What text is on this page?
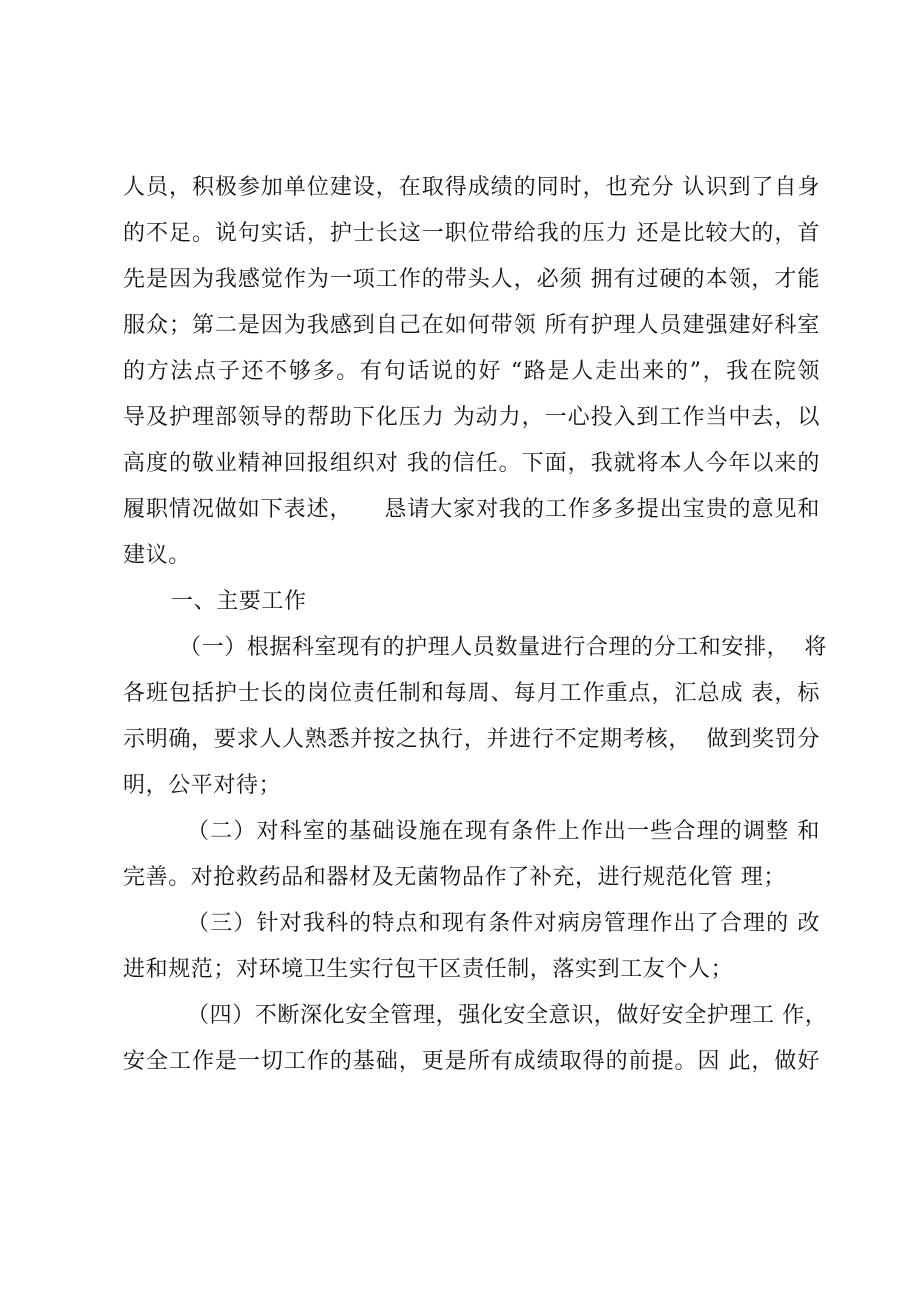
人员，积极参加单位建设，在取得成绩的同时，也充分 认识到了自身
的不足。说句实话，护士长这一职位带给我的压力 还是比较大的，首
先是因为我感觉作为一项工作的带头人，必须 拥有过硬的本领，才能
服众；第二是因为我感到自己在如何带领 所有护理人员建强建好科室
的方法点子还不够多。有句话说的好 “路是人走出来的”，我在院领
导及护理部领导的帮助下化压力 为动力，一心投入到工作当中去，以
高度的敬业精神回报组织对 我的信任。下面，我就将本人今年以来的
履职情况做如下表述，    恳请大家对我的工作多多提出宝贵的意见和
建议。
一、主要工作
（一）根据科室现有的护理人员数量进行合理的分工和安排，  将
各班包括护士长的岗位责任制和每周、每月工作重点，汇总成 表，标
示明确，要求人人熟悉并按之执行，并进行不定期考核，  做到奖罚分
明，公平对待；
（二）对科室的基础设施在现有条件上作出一些合理的调整 和
完善。对抢救药品和器材及无菌物品作了补充，进行规范化管 理；
（三）针对我科的特点和现有条件对病房管理作出了合理的 改
进和规范；对环境卫生实行包干区责任制，落实到工友个人；
（四）不断深化安全管理，强化安全意识，做好安全护理工 作，
安全工作是一切工作的基础，更是所有成绩取得的前提。因 此，做好
